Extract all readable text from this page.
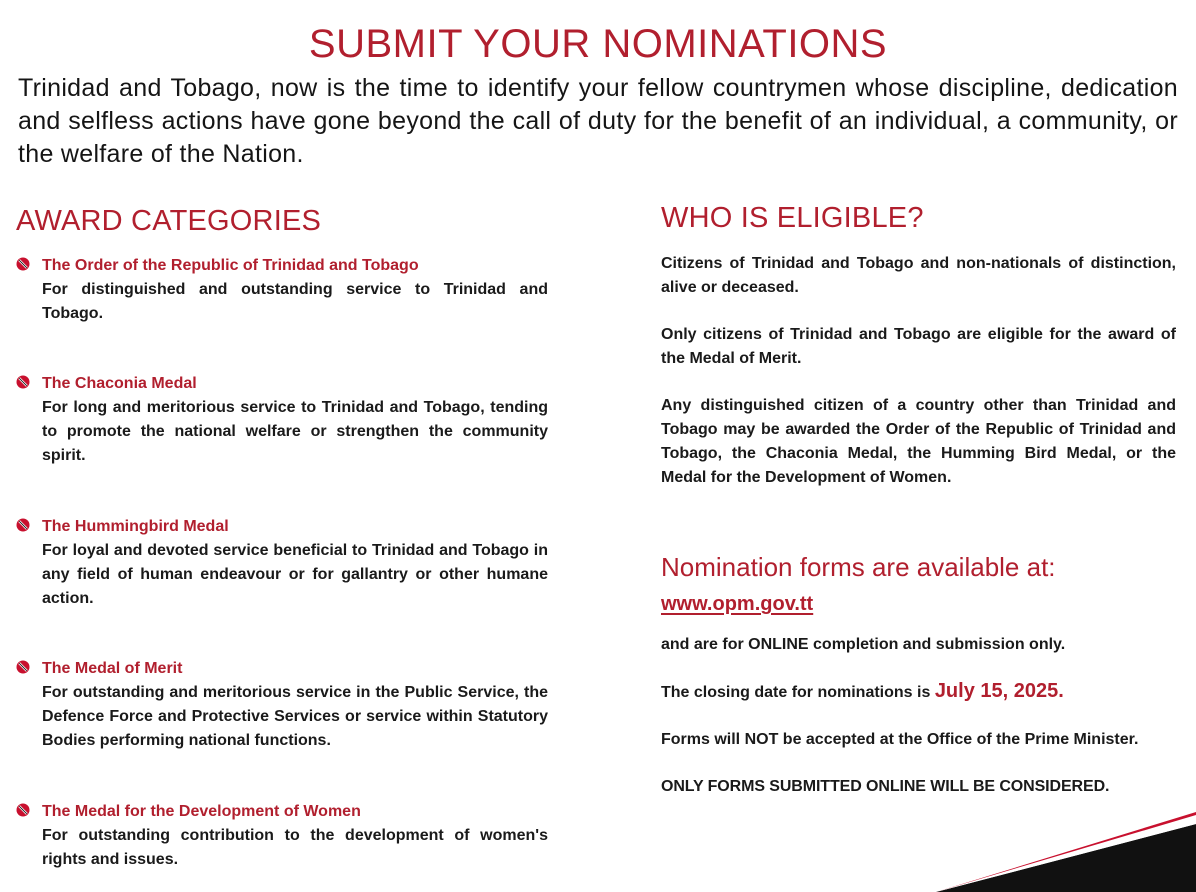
SUBMIT YOUR NOMINATIONS

Trinidad and Tobago, now is the time to identify your fellow countrymen whose discipline, dedication and selfless actions have gone beyond the call of duty for the benefit of an individual, a community, or the welfare of the Nation.

AWARD CATEGORIES

The Order of the Republic of Trinidad and Tobago

For distinguished and outstanding service to Trinidad and Tobago.

The Chaconia Medal

For long and meritorious service to Trinidad and Tobago, tending to promote the national welfare or strengthen the community spirit.

The Hummingbird Medal

For loyal and devoted service beneficial to Trinidad and Tobago in any field of human endeavour or for gallantry or other humane action.

The Medal of Merit

For outstanding and meritorious service in the Public Service, the Defence Force and Protective Services or service within Statutory Bodies performing national functions.

The Medal for the Development of Women

For outstanding contribution to the development of women's rights and issues.

WHO IS ELIGIBLE?

Citizens of Trinidad and Tobago and non-nationals of distinction, alive or deceased.

Only citizens of Trinidad and Tobago are eligible for the award of the Medal of Merit.

Any distinguished citizen of a country other than Trinidad and Tobago may be awarded the Order of the Republic of Trinidad and Tobago, the Chaconia Medal, the Humming Bird Medal, or the Medal for the Development of Women.

Nomination forms are available at:
www.opm.gov.tt

and are for ONLINE completion and submission only.

The closing date for nominations is July 15, 2025.

Forms will NOT be accepted at the Office of the Prime Minister.

ONLY FORMS SUBMITTED ONLINE WILL BE CONSIDERED.
